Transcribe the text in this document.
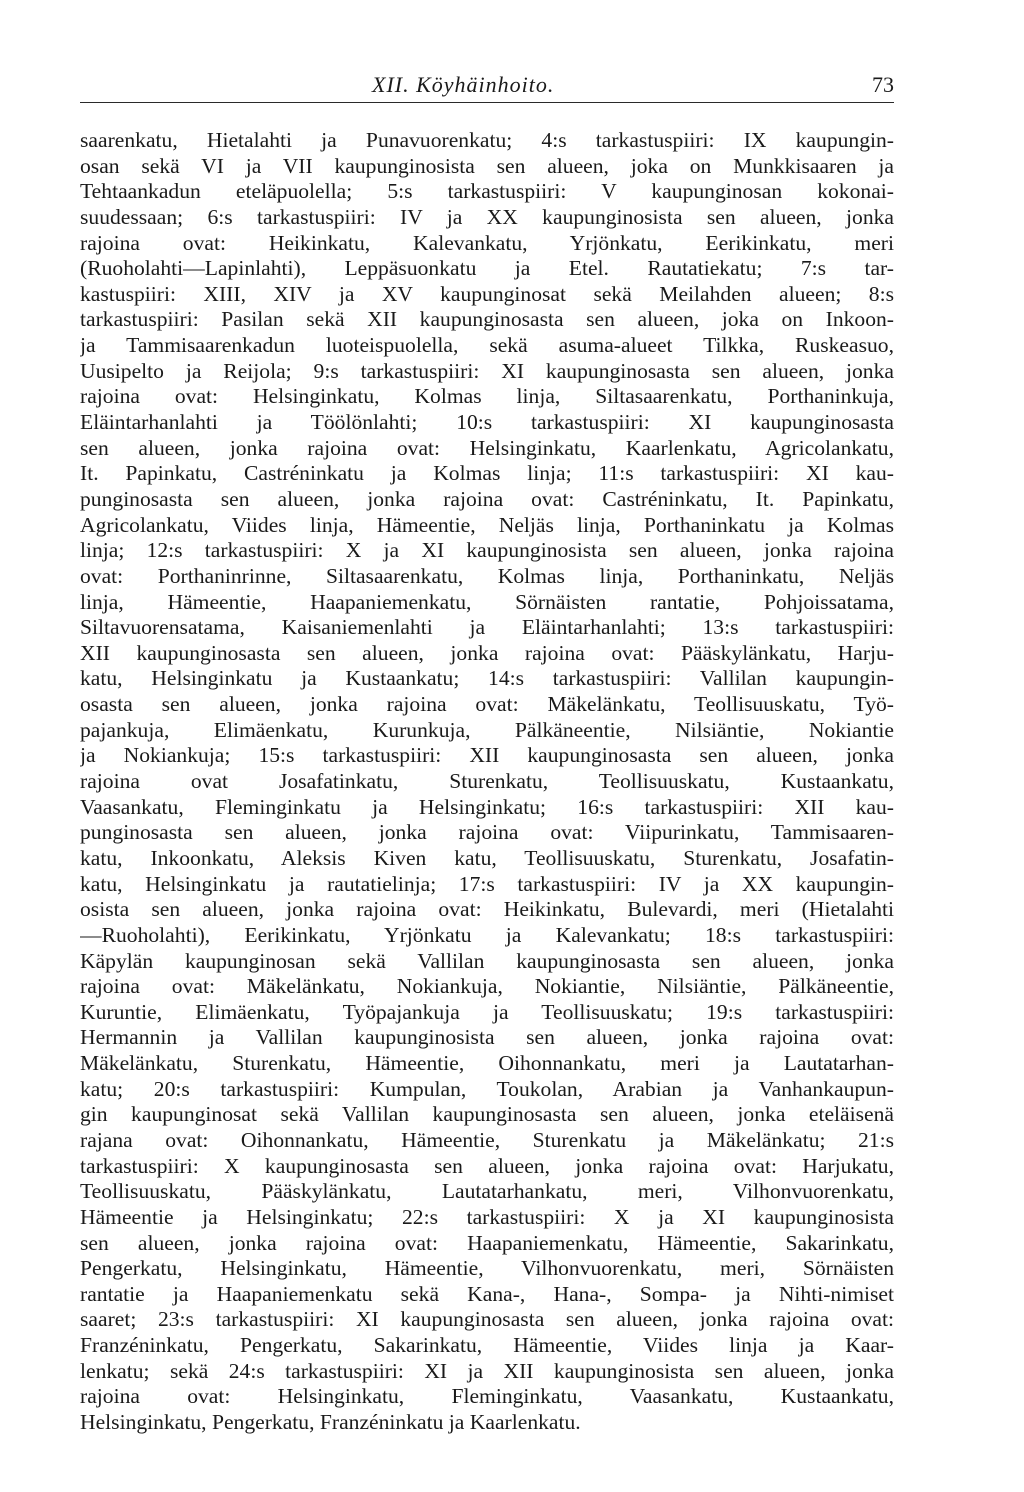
XII. Köyhäinhoito.	73
saarenkatu, Hietalahti ja Punavuorenkatu; 4:s tarkastuspiiri: IX kaupungin-
osan sekä VI ja VII kaupunginosista sen alueen, joka on Munkkisaaren ja
Tehtaankadun eteläpuolella; 5:s tarkastuspiiri: V kaupunginosan kokonai-
suudessaan; 6:s tarkastuspiiri: IV ja XX kaupunginosista sen alueen, jonka
rajoina ovat: Heikinkatu, Kalevankatu, Yrjönkatu, Eerikinkatu, meri
(Ruoholahti—Lapinlahti), Leppäsuonkatu ja Etel. Rautatiekatu; 7:s tar-
kastuspiiri: XIII, XIV ja XV kaupunginosat sekä Meilahden alueen; 8:s
tarkastuspiiri: Pasilan sekä XII kaupunginosasta sen alueen, joka on Inkoon-
ja Tammisaarenkadun luoteispuolella, sekä asuma-alueet Tilkka, Ruskeasuo,
Uusipelto ja Reijola; 9:s tarkastuspiiri: XI kaupunginosasta sen alueen, jonka
rajoina ovat: Helsinginkatu, Kolmas linja, Siltasaarenkatu, Porthaninkuja,
Eläintarhanlahti ja Töölönlahti; 10:s tarkastuspiiri: XI kaupunginosasta
sen alueen, jonka rajoina ovat: Helsinginkatu, Kaarlenkatu, Agricolankatu,
It. Papinkatu, Castréninkatu ja Kolmas linja; 11:s tarkastuspiiri: XI kau-
punginosasta sen alueen, jonka rajoina ovat: Castréninkatu, It. Papinkatu,
Agricolankatu, Viides linja, Hämeentie, Neljäs linja, Porthaninkatu ja Kolmas
linja; 12:s tarkastuspiiri: X ja XI kaupunginosista sen alueen, jonka rajoina
ovat: Porthaninrinne, Siltasaarenkatu, Kolmas linja, Porthaninkatu, Neljäs
linja, Hämeentie, Haapaniemenkatu, Sörnäisten rantatie, Pohjoissatama,
Siltavuorensatama, Kaisaniemenlahti ja Eläintarhanlahti; 13:s tarkastuspiiri:
XII kaupunginosasta sen alueen, jonka rajoina ovat: Pääskylänkatu, Harju-
katu, Helsinginkatu ja Kustaankatu; 14:s tarkastuspiiri: Vallilan kaupungin-
osasta sen alueen, jonka rajoina ovat: Mäkelänkatu, Teollisuuskatu, Työ-
pajankuja, Elimäenkatu, Kurunkuja, Pälkäneentie, Nilsiäntie, Nokiantie
ja Nokiankuja; 15:s tarkastuspiiri: XII kaupunginosasta sen alueen, jonka
rajoina ovat Josafatinkatu, Sturenkatu, Teollisuuskatu, Kustaankatu,
Vaasankatu, Fleminginkatu ja Helsinginkatu; 16:s tarkastuspiiri: XII kau-
punginosasta sen alueen, jonka rajoina ovat: Viipurinkatu, Tammisaaren-
katu, Inkoonkatu, Aleksis Kiven katu, Teollisuuskatu, Sturenkatu, Josafatin-
katu, Helsinginkatu ja rautatielinja; 17:s tarkastuspiiri: IV ja XX kaupungin-
osista sen alueen, jonka rajoina ovat: Heikinkatu, Bulevardi, meri (Hietalahti
—Ruoholahti), Eerikinkatu, Yrjönkatu ja Kalevankatu; 18:s tarkastuspiiri:
Käpylän kaupunginosan sekä Vallilan kaupunginosasta sen alueen, jonka
rajoina ovat: Mäkelänkatu, Nokiankuja, Nokiantie, Nilsiäntie, Pälkäneentie,
Kuruntie, Elimäenkatu, Työpajankuja ja Teollisuuskatu; 19:s tarkastuspiiri:
Hermannin ja Vallilan kaupunginosista sen alueen, jonka rajoina ovat:
Mäkelänkatu, Sturenkatu, Hämeentie, Oihonnankatu, meri ja Lautatarhan-
katu; 20:s tarkastuspiiri: Kumpulan, Toukolan, Arabian ja Vanhankaupun-
gin kaupunginosat sekä Vallilan kaupunginosasta sen alueen, jonka eteläisenä
rajana ovat: Oihonnankatu, Hämeentie, Sturenkatu ja Mäkelänkatu; 21:s
tarkastuspiiri: X kaupunginosasta sen alueen, jonka rajoina ovat: Harjukatu,
Teollisuuskatu, Pääskylänkatu, Lautatarhankatu, meri, Vilhonvuorenkatu,
Hämeentie ja Helsinginkatu; 22:s tarkastuspiiri: X ja XI kaupunginosista
sen alueen, jonka rajoina ovat: Haapaniemenkatu, Hämeentie, Sakarinkatu,
Pengerkatu, Helsinginkatu, Hämeentie, Vilhonvuorenkatu, meri, Sörnäisten
rantatie ja Haapaniemenkatu sekä Kana-, Hana-, Sompa- ja Nihti-nimiset
saaret; 23:s tarkastuspiiri: XI kaupunginosasta sen alueen, jonka rajoina ovat:
Franzéninkatu, Pengerkatu, Sakarinkatu, Hämeentie, Viides linja ja Kaar-
lenkatu; sekä 24:s tarkastuspiiri: XI ja XII kaupunginosista sen alueen, jonka
rajoina ovat: Helsinginkatu, Fleminginkatu, Vaasankatu, Kustaankatu,
Helsinginkatu, Pengerkatu, Franzéninkatu ja Kaarlenkatu.
